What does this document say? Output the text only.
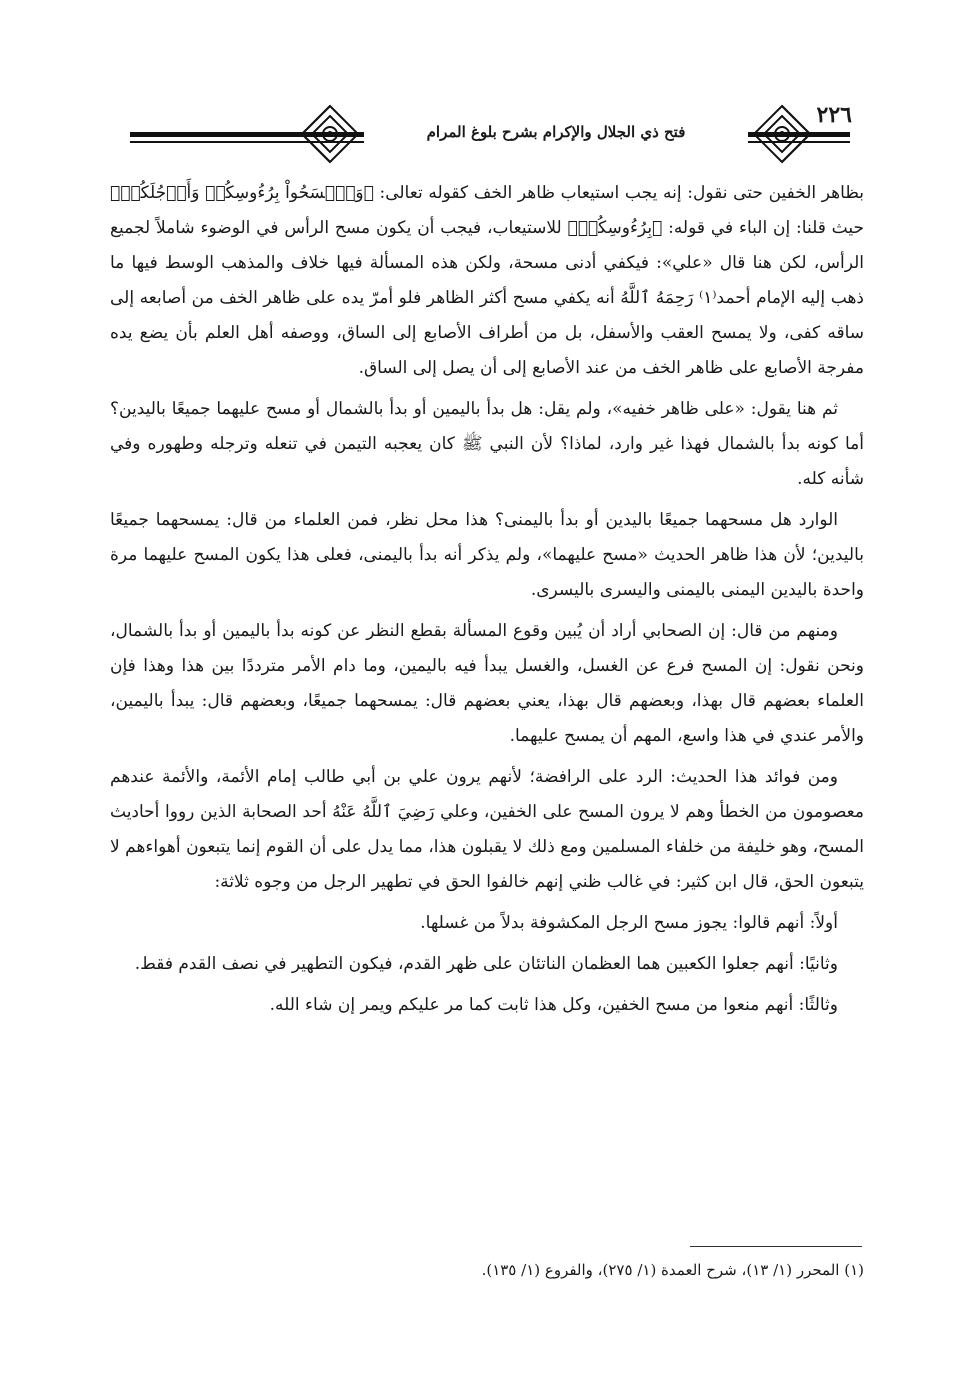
فتح ذي الجلال والإكرام بشرح بلوغ المرام
٢٢٦

بظاهر الخفين حتى نقول: إنه يجب استيعاب ظاهر الخف كقوله تعالى: ﴿وَٱمۡسَحُواْ بِرُءُوسِكُمۡ وَأَرۡجُلَكُمۡ﴾ حيث قلنا: إن الباء في قوله: ﴿بِرُءُوسِكُمۡ﴾ للاستيعاب، فيجب أن يكون مسح الرأس في الوضوء شاملاً لجميع الرأس، لكن هنا قال «علي»: فيكفي أدنى مسحة، ولكن هذه المسألة فيها خلاف والمذهب الوسط فيها ما ذهب إليه الإمام أحمد⁽١⁾ رَحِمَهُ ٱللَّهُ أنه يكفي مسح أكثر الظاهر فلو أمرّ يده على ظاهر الخف من أصابعه إلى ساقه كفى، ولا يمسح العقب والأسفل، بل من أطراف الأصابع إلى الساق، ووصفه أهل العلم بأن يضع يده مفرجة الأصابع على ظاهر الخف من عند الأصابع إلى أن يصل إلى الساق.

ثم هنا يقول: «على ظاهر خفيه»، ولم يقل: هل بدأ باليمين أو بدأ بالشمال أو مسح عليهما جميعًا باليدين؟ أما كونه بدأ بالشمال فهذا غير وارد، لماذا؟ لأن النبي ﷺ كان يعجبه التيمن في تنعله وترجله وطهوره وفي شأنه كله.

الوارد هل مسحهما جميعًا باليدين أو بدأ باليمنى؟ هذا محل نظر، فمن العلماء من قال: يمسحهما جميعًا باليدين؛ لأن هذا ظاهر الحديث «مسح عليهما»، ولم يذكر أنه بدأ باليمنى، فعلى هذا يكون المسح عليهما مرة واحدة باليدين اليمنى باليمنى واليسرى باليسرى.

ومنهم من قال: إن الصحابي أراد أن يُبين وقوع المسألة بقطع النظر عن كونه بدأ باليمين أو بدأ بالشمال، ونحن نقول: إن المسح فرع عن الغسل، والغسل يبدأ فيه باليمين، وما دام الأمر مترددًا بين هذا وهذا فإن العلماء بعضهم قال بهذا، وبعضهم قال بهذا، يعني بعضهم قال: يمسحهما جميعًا، وبعضهم قال: يبدأ باليمين، والأمر عندي في هذا واسع، المهم أن يمسح عليهما.

ومن فوائد هذا الحديث: الرد على الرافضة؛ لأنهم يرون علي بن أبي طالب إمام الأئمة، والأئمة عندهم معصومون من الخطأ وهم لا يرون المسح على الخفين، وعلي رَضِيَ ٱللَّهُ عَنْهُ أحد الصحابة الذين رووا أحاديث المسح، وهو خليفة من خلفاء المسلمين ومع ذلك لا يقبلون هذا، مما يدل على أن القوم إنما يتبعون أهواءهم لا يتبعون الحق، قال ابن كثير: في غالب ظني إنهم خالفوا الحق في تطهير الرجل من وجوه ثلاثة:

أولاً: أنهم قالوا: يجوز مسح الرجل المكشوفة بدلاً من غسلها.

وثانيًا: أنهم جعلوا الكعبين هما العظمان الناتئان على ظهر القدم، فيكون التطهير في نصف القدم فقط.

وثالثًا: أنهم منعوا من مسح الخفين، وكل هذا ثابت كما مر عليكم ويمر إن شاء الله.

(١) المحرر (١/ ١٣)، شرح العمدة (١/ ٢٧٥)، والفروع (١/ ١٣٥).
